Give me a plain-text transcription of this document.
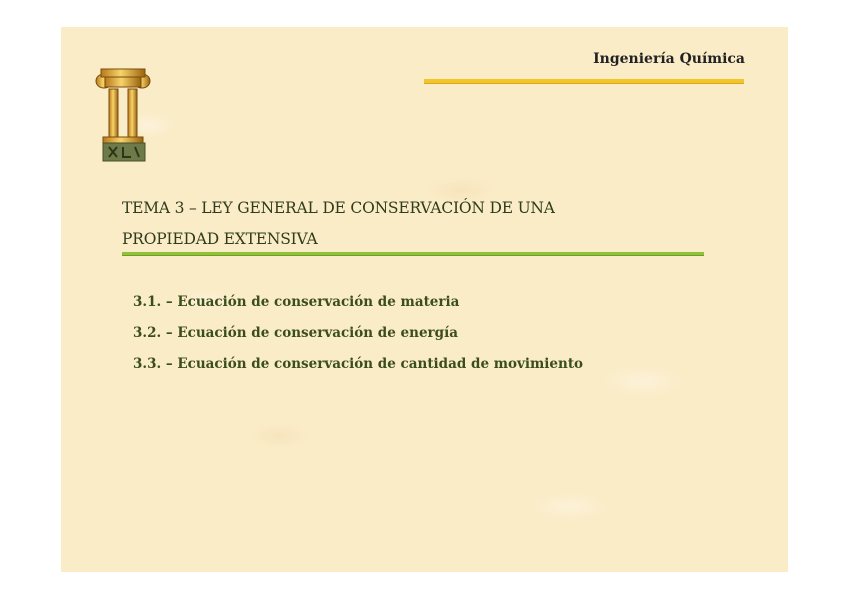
Ingeniería Química
TEMA 3 – LEY GENERAL DE CONSERVACIÓN DE UNA
PROPIEDAD EXTENSIVA
3.1. – Ecuación de conservación de materia
3.2. – Ecuación de conservación de energía
3.3. – Ecuación de conservación de cantidad de movimiento
